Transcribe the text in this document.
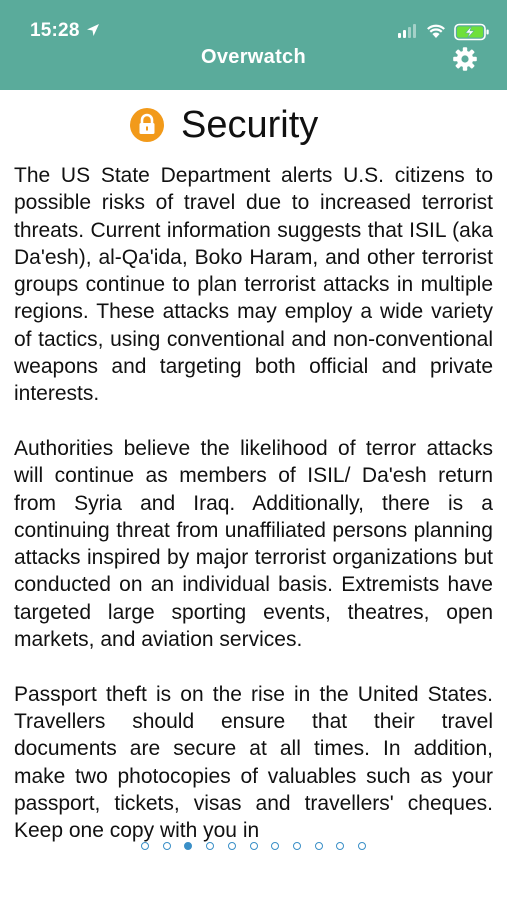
15:28
Overwatch
Security

The US State Department alerts U.S. citizens to possible risks of travel due to increased terrorist threats. Current information suggests that ISIL (aka Da'esh), al-Qa'ida, Boko Haram, and other terrorist groups continue to plan terrorist attacks in multiple regions. These attacks may employ a wide variety of tactics, using conventional and non-conventional weapons and targeting both official and private interests.

Authorities believe the likelihood of terror attacks will continue as members of ISIL/ Da'esh return from Syria and Iraq. Additionally, there is a continuing threat from unaffiliated persons planning attacks inspired by major terrorist organizations but conducted on an individual basis. Extremists have targeted large sporting events, theatres, open markets, and aviation services.

Passport theft is on the rise in the United States. Travellers should ensure that their travel documents are secure at all times. In addition, make two photocopies of valuables such as your passport, tickets, visas and travellers' cheques. Keep one copy with you in
